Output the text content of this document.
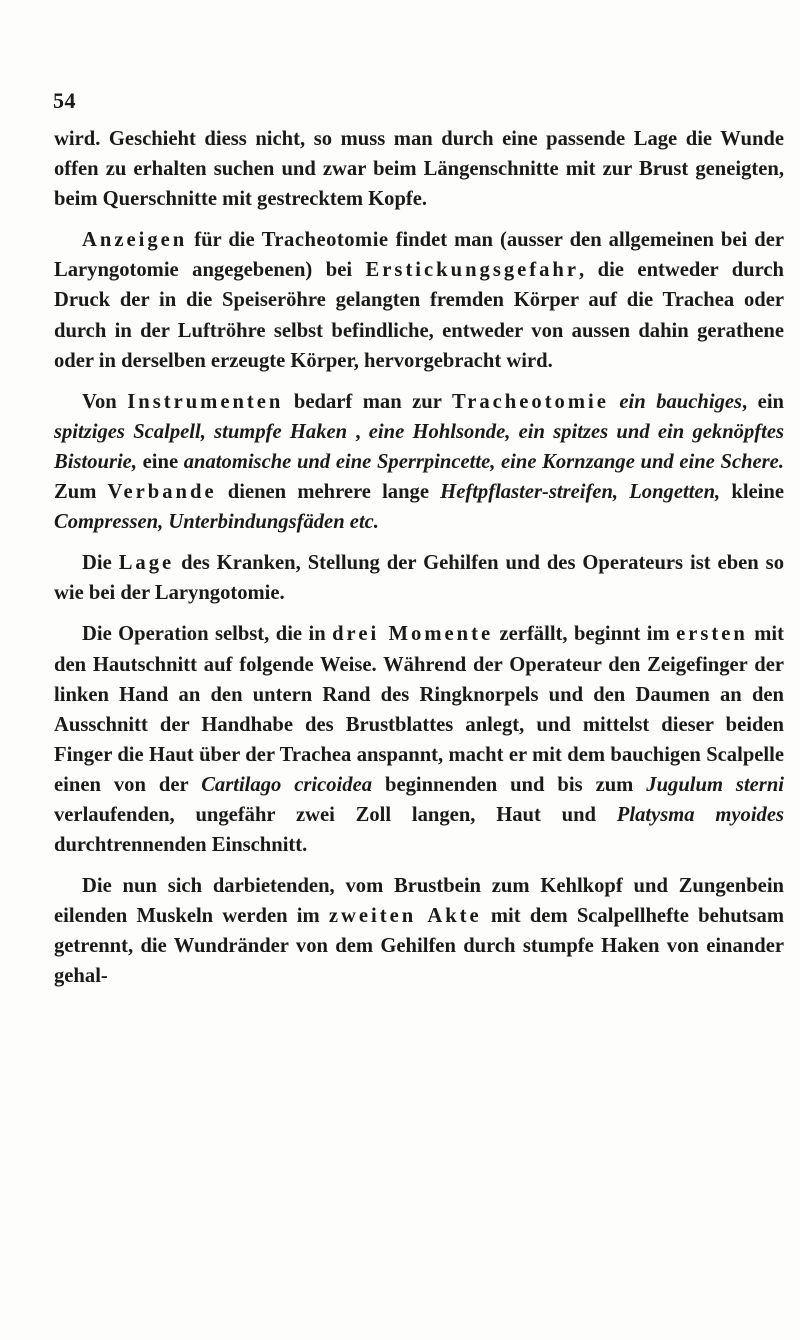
54

wird. Geschieht diess nicht, so muss man durch eine passende Lage die Wunde offen zu erhalten suchen und zwar beim Längenschnitte mit zur Brust geneigten, beim Querschnitte mit gestrecktem Kopfe.

Anzeigen für die Tracheotomie findet man (ausser den allgemeinen bei der Laryngotomie angegebenen) bei Erstickungsgefahr, die entweder durch Druck der in die Speiseröhre gelangten fremden Körper auf die Trachea oder durch in der Luftröhre selbst befindliche, entweder von aussen dahin gerathene oder in derselben erzeugte Körper, hervorgebracht wird.

Von Instrumenten bedarf man zur Tracheotomie ein bauchiges, ein spitziges Scalpell, stumpfe Haken , eine Hohlsonde, ein spitzes und ein geknöpftes Bistourie, eine anatomische und eine Sperrpincette, eine Kornzange und eine Schere. Zum Verbande dienen mehrere lange Heftpflaster-streifen, Longetten, kleine Compressen, Unterbindungsfäden etc.

Die Lage des Kranken, Stellung der Gehilfen und des Operateurs ist eben so wie bei der Laryngotomie.

Die Operation selbst, die in drei Momente zerfällt, beginnt im ersten mit den Hautschnitt auf folgende Weise. Während der Operateur den Zeigefinger der linken Hand an den untern Rand des Ringknorpels und den Daumen an den Ausschnitt der Handhabe des Brustblattes anlegt, und mittelst dieser beiden Finger die Haut über der Trachea anspannt, macht er mit dem bauchigen Scalpelle einen von der Cartilago cricoidea beginnenden und bis zum Jugulum sterni verlaufenden, ungefähr zwei Zoll langen, Haut und Platysma myoides durchtrennenden Einschnitt.

Die nun sich darbietenden, vom Brustbein zum Kehlkopf und Zungenbein eilenden Muskeln werden im zweiten Akte mit dem Scalpellhefte behutsam getrennt, die Wundränder von dem Gehilfen durch stumpfe Haken von einander gehal-
